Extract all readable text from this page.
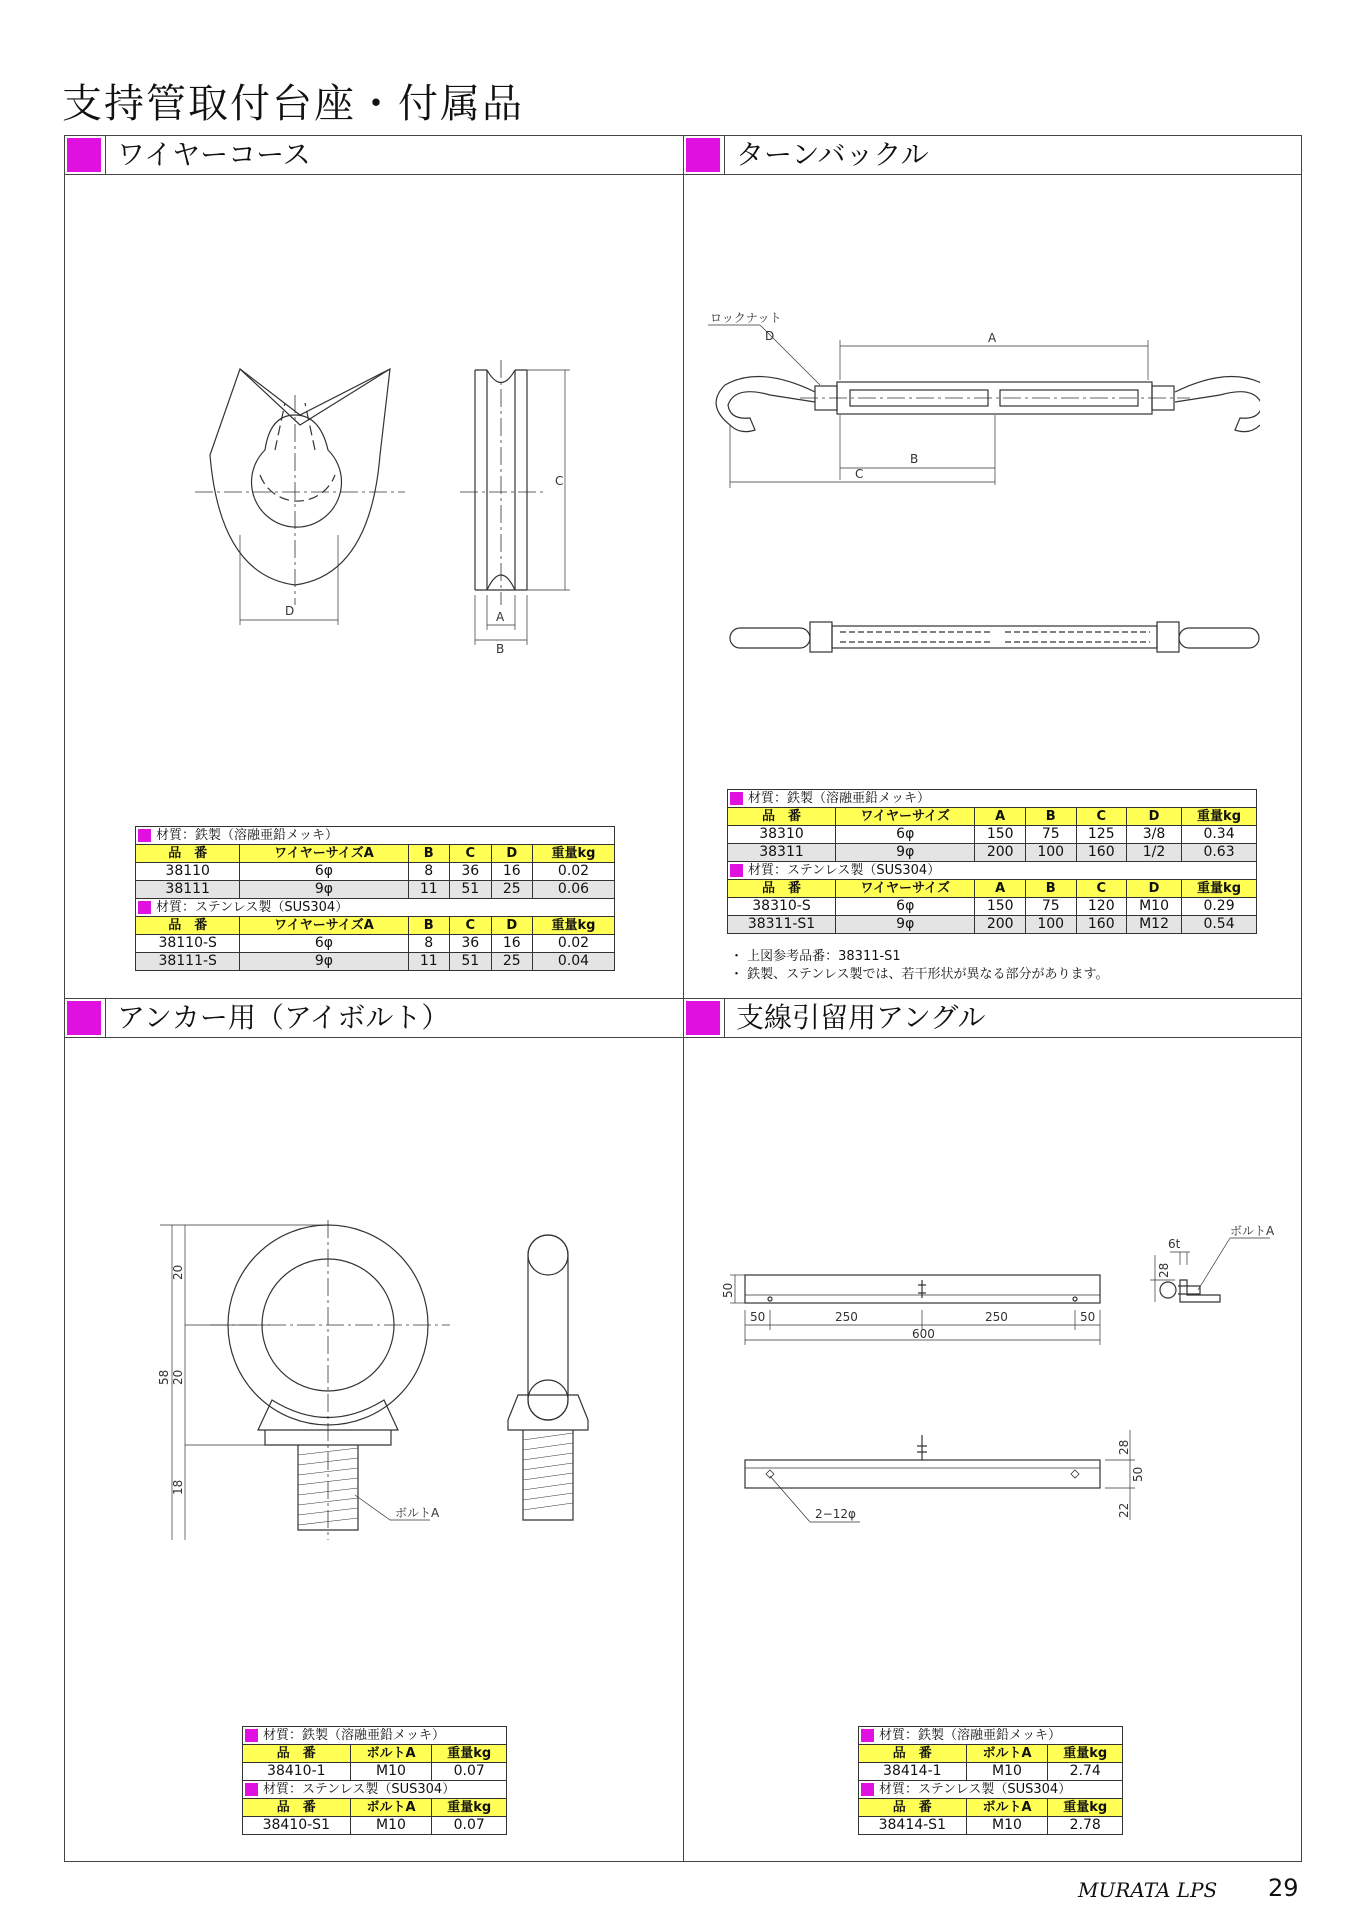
支持管取付台座・付属品
ワイヤーコース	ターンバックル
アンカー用（アイボルト）	支線引留用アングル
D
C
A
B
材質：鉄製（溶融亜鉛メッキ）					
品　番	ワイヤーサイズA	B	C	D	重量kg
38110	6φ	8	36	16	0.02
38111	9φ	11	51	25	0.06
材質：ステンレス製（SUS304）					
品　番	ワイヤーサイズA	B	C	D	重量kg
38110-S	6φ	8	36	16	0.02
38111-S	9φ	11	51	25	0.04
ロックナット
D	A
B
C
材質：鉄製（溶融亜鉛メッキ）						
品　番	ワイヤーサイズ	A	B	C	D	重量kg
38310	6φ	150	75	125	3/8	0.34
38311	9φ	200	100	160	1/2	0.63
材質：ステンレス製（SUS304）						
品　番	ワイヤーサイズ	A	B	C	D	重量kg
38310-S	6φ	150	75	120	M10	0.29
38311-S1	9φ	200	100	160	M12	0.54
・ 上図参考品番：38311-S1
・ 鉄製、ステンレス製では、若干形状が異なる部分があります。
20
20
58
18
ボルトA
材質：鉄製（溶融亜鉛メッキ）		
品　番	ボルトA	重量kg
38410-1	M10	0.07
材質：ステンレス製（SUS304）		
品　番	ボルトA	重量kg
38410-S1	M10	0.07
50
50	250	250	50
600
6t
28
ボルトA
2−12φ
28
50
22
材質：鉄製（溶融亜鉛メッキ）		
品　番	ボルトA	重量kg
38414-1	M10	2.74
材質：ステンレス製（SUS304）		
品　番	ボルトA	重量kg
38414-S1	M10	2.78
MURATA LPS 29
